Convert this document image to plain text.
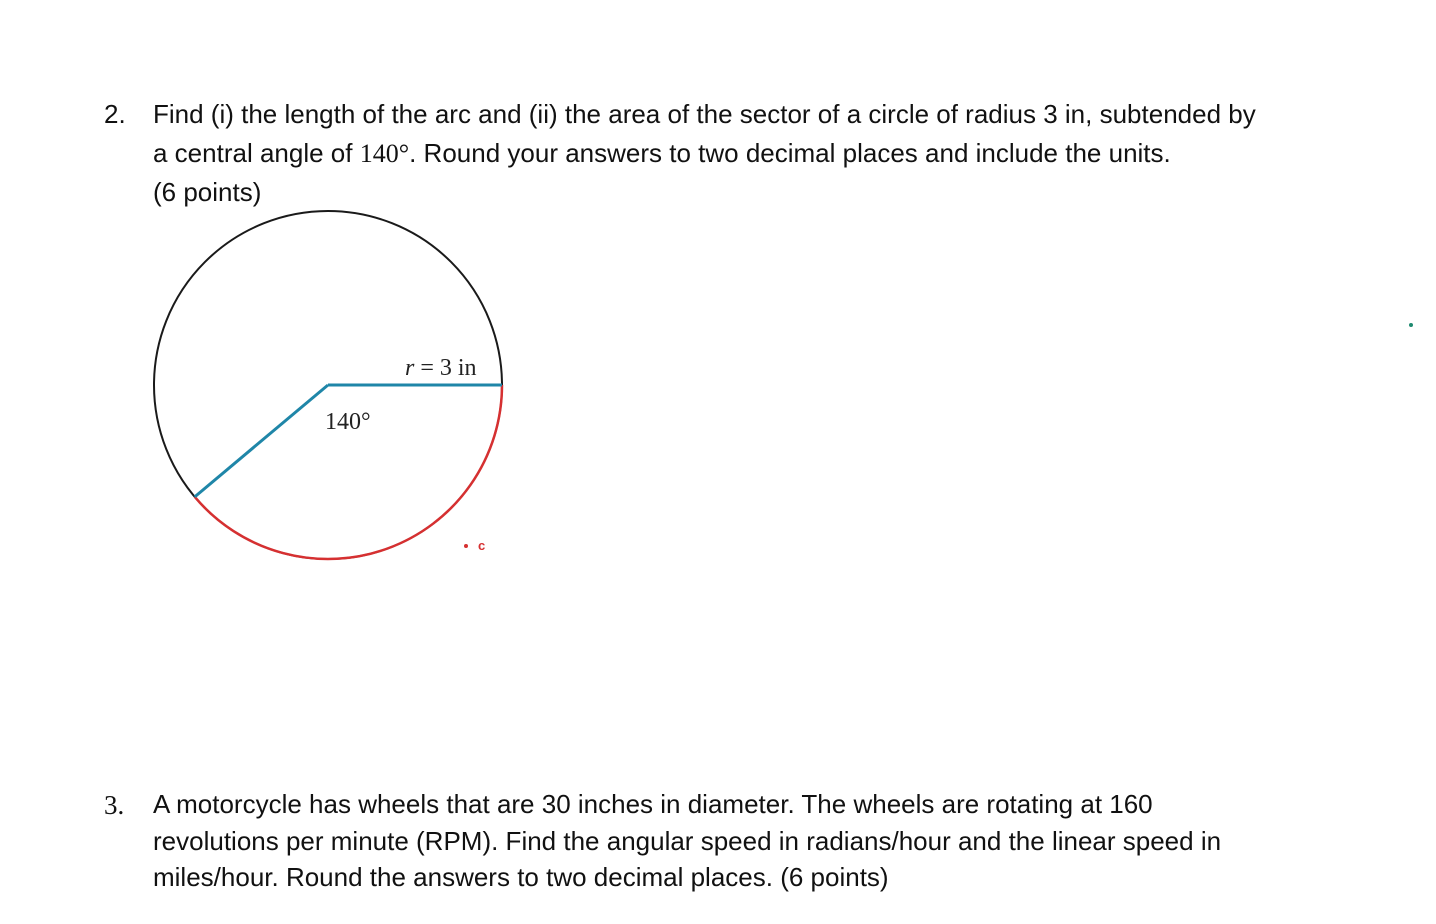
2. Find (i) the length of the arc and (ii) the area of the sector of a circle of radius 3 in, subtended by
a central angle of 140°. Round your answers to two decimal places and include the units.
(6 points)
r = 3 in
140°
c
3. A motorcycle has wheels that are 30 inches in diameter. The wheels are rotating at 160
revolutions per minute (RPM). Find the angular speed in radians/hour and the linear speed in
miles/hour. Round the answers to two decimal places. (6 points)
